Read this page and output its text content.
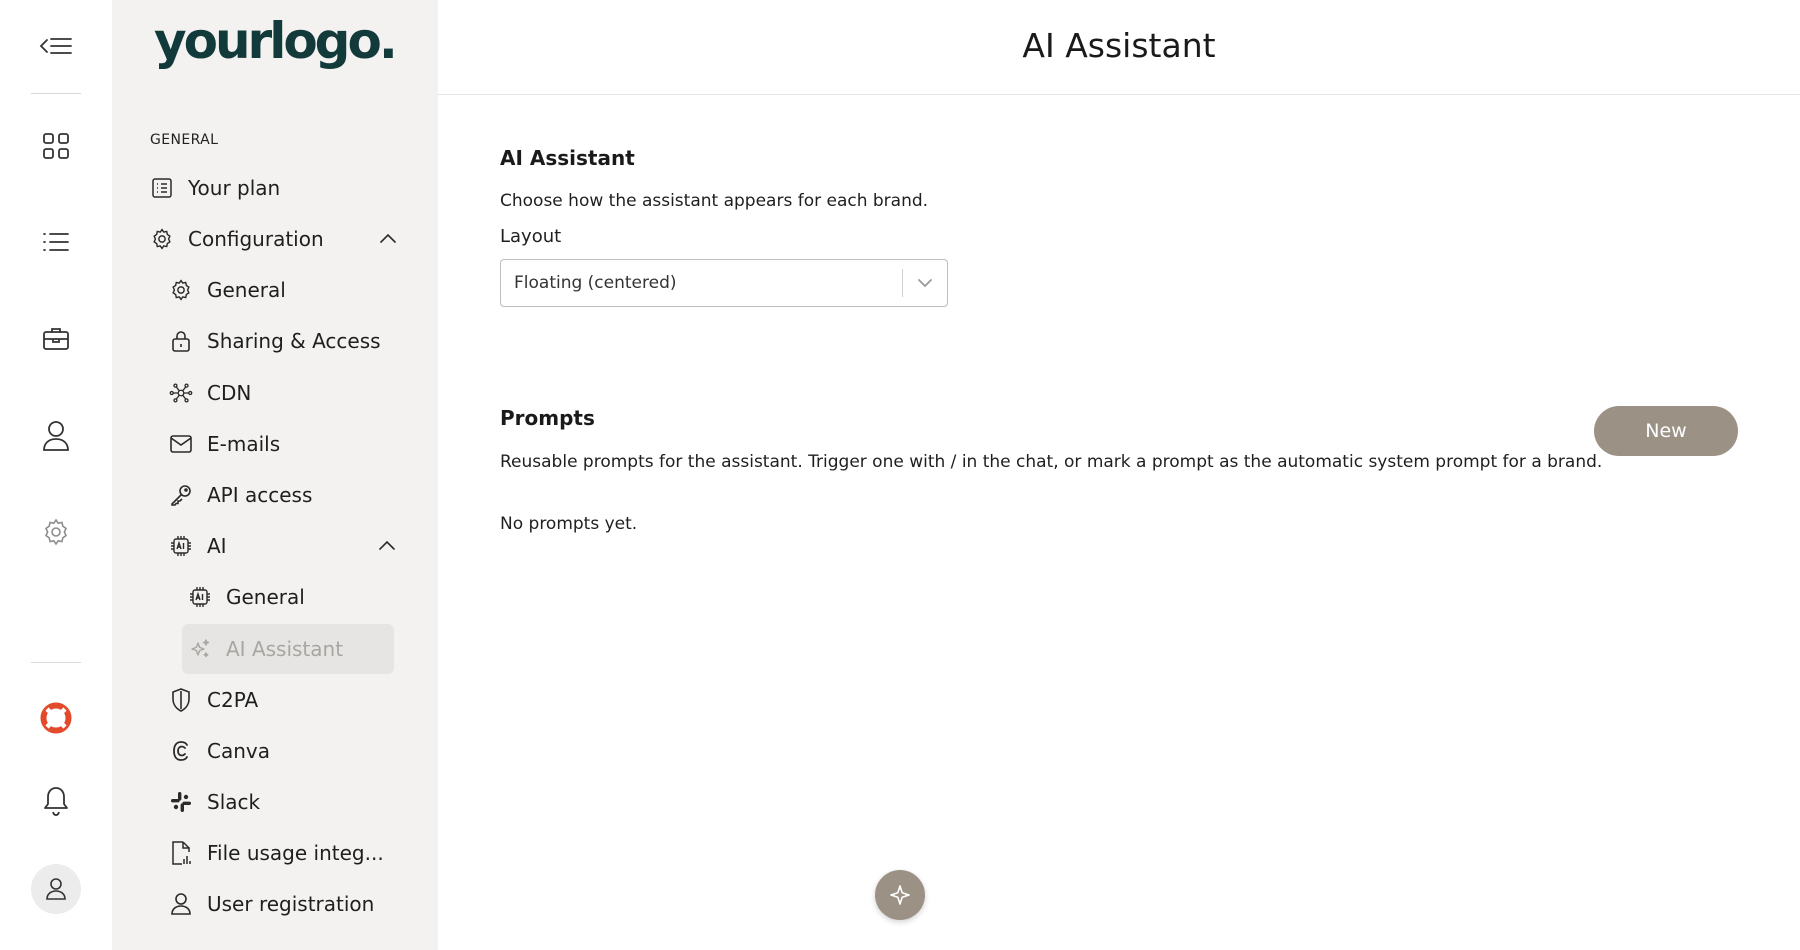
yourlogo.
GENERAL
Your plan
Configuration
General
Sharing & Access
CDN
E-mails
API access
AI
General
AI Assistant
C2PA
Canva
Slack
File usage integ...
User registration
AI Assistant
AI Assistant
Choose how the assistant appears for each brand.
Layout
Floating (centered)
Prompts
New
Reusable prompts for the assistant. Trigger one with / in the chat, or mark a prompt as the automatic system prompt for a brand.
No prompts yet.
